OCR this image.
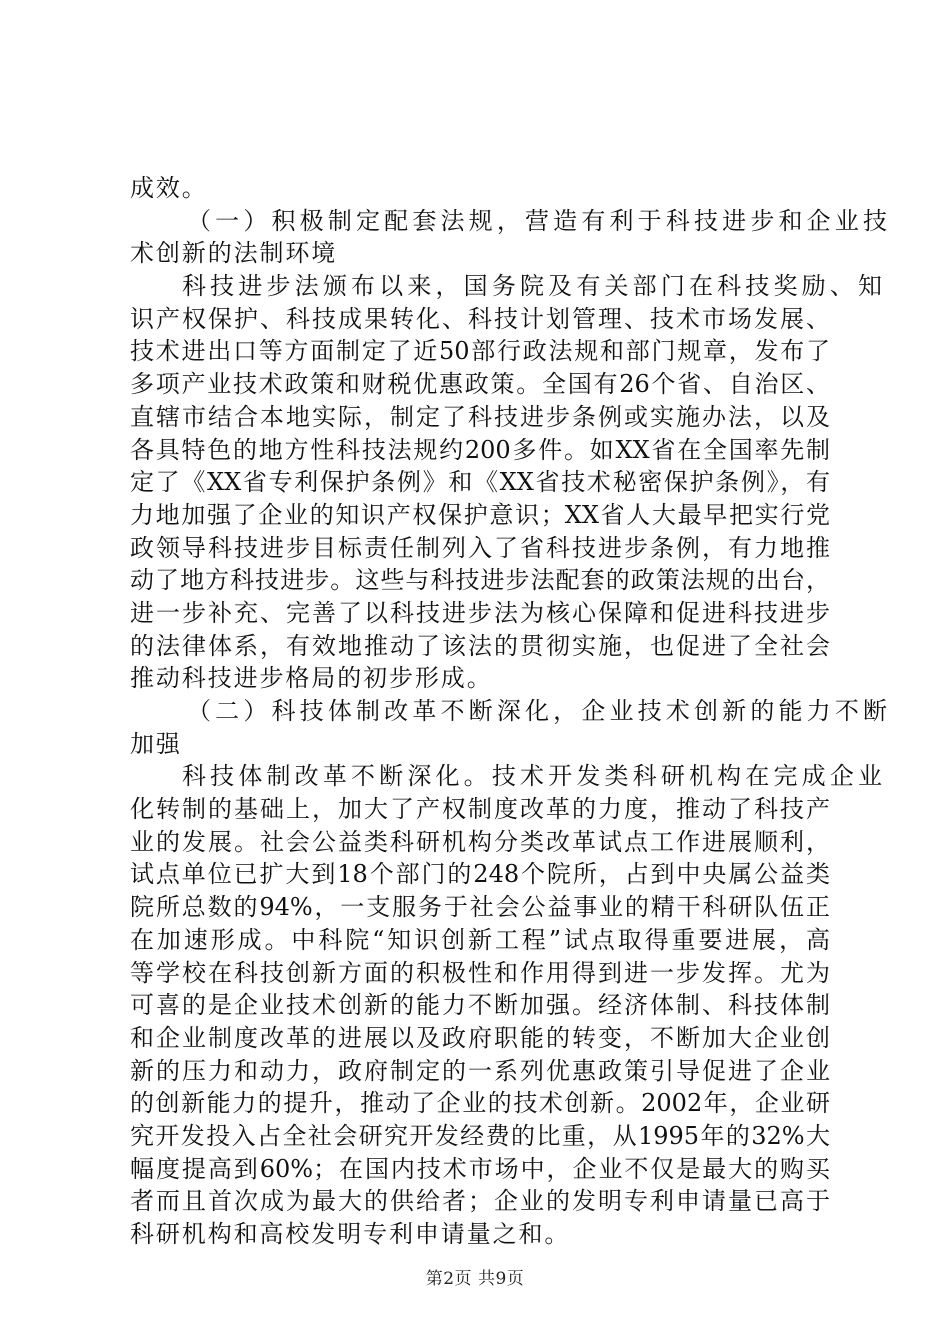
成效。
（一）积极制定配套法规，营造有利于科技进步和企业技
术创新的法制环境
科技进步法颁布以来，国务院及有关部门在科技奖励、知
识产权保护、科技成果转化、科技计划管理、技术市场发展、
技术进出口等方面制定了近50部行政法规和部门规章，发布了
多项产业技术政策和财税优惠政策。全国有26个省、自治区、
直辖市结合本地实际，制定了科技进步条例或实施办法，以及
各具特色的地方性科技法规约200多件。如XX省在全国率先制
定了《XX省专利保护条例》和《XX省技术秘密保护条例》，有
力地加强了企业的知识产权保护意识；XX省人大最早把实行党
政领导科技进步目标责任制列入了省科技进步条例，有力地推
动了地方科技进步。这些与科技进步法配套的政策法规的出台，
进一步补充、完善了以科技进步法为核心保障和促进科技进步
的法律体系，有效地推动了该法的贯彻实施，也促进了全社会
推动科技进步格局的初步形成。
（二）科技体制改革不断深化，企业技术创新的能力不断
加强
科技体制改革不断深化。技术开发类科研机构在完成企业
化转制的基础上，加大了产权制度改革的力度，推动了科技产
业的发展。社会公益类科研机构分类改革试点工作进展顺利，
试点单位已扩大到18个部门的248个院所，占到中央属公益类
院所总数的94%，一支服务于社会公益事业的精干科研队伍正
在加速形成。中科院“知识创新工程”试点取得重要进展，高
等学校在科技创新方面的积极性和作用得到进一步发挥。尤为
可喜的是企业技术创新的能力不断加强。经济体制、科技体制
和企业制度改革的进展以及政府职能的转变，不断加大企业创
新的压力和动力，政府制定的一系列优惠政策引导促进了企业
的创新能力的提升，推动了企业的技术创新。2002年，企业研
究开发投入占全社会研究开发经费的比重，从1995年的32%大
幅度提高到60%；在国内技术市场中，企业不仅是最大的购买
者而且首次成为最大的供给者；企业的发明专利申请量已高于
科研机构和高校发明专利申请量之和。
第2页 共9页
